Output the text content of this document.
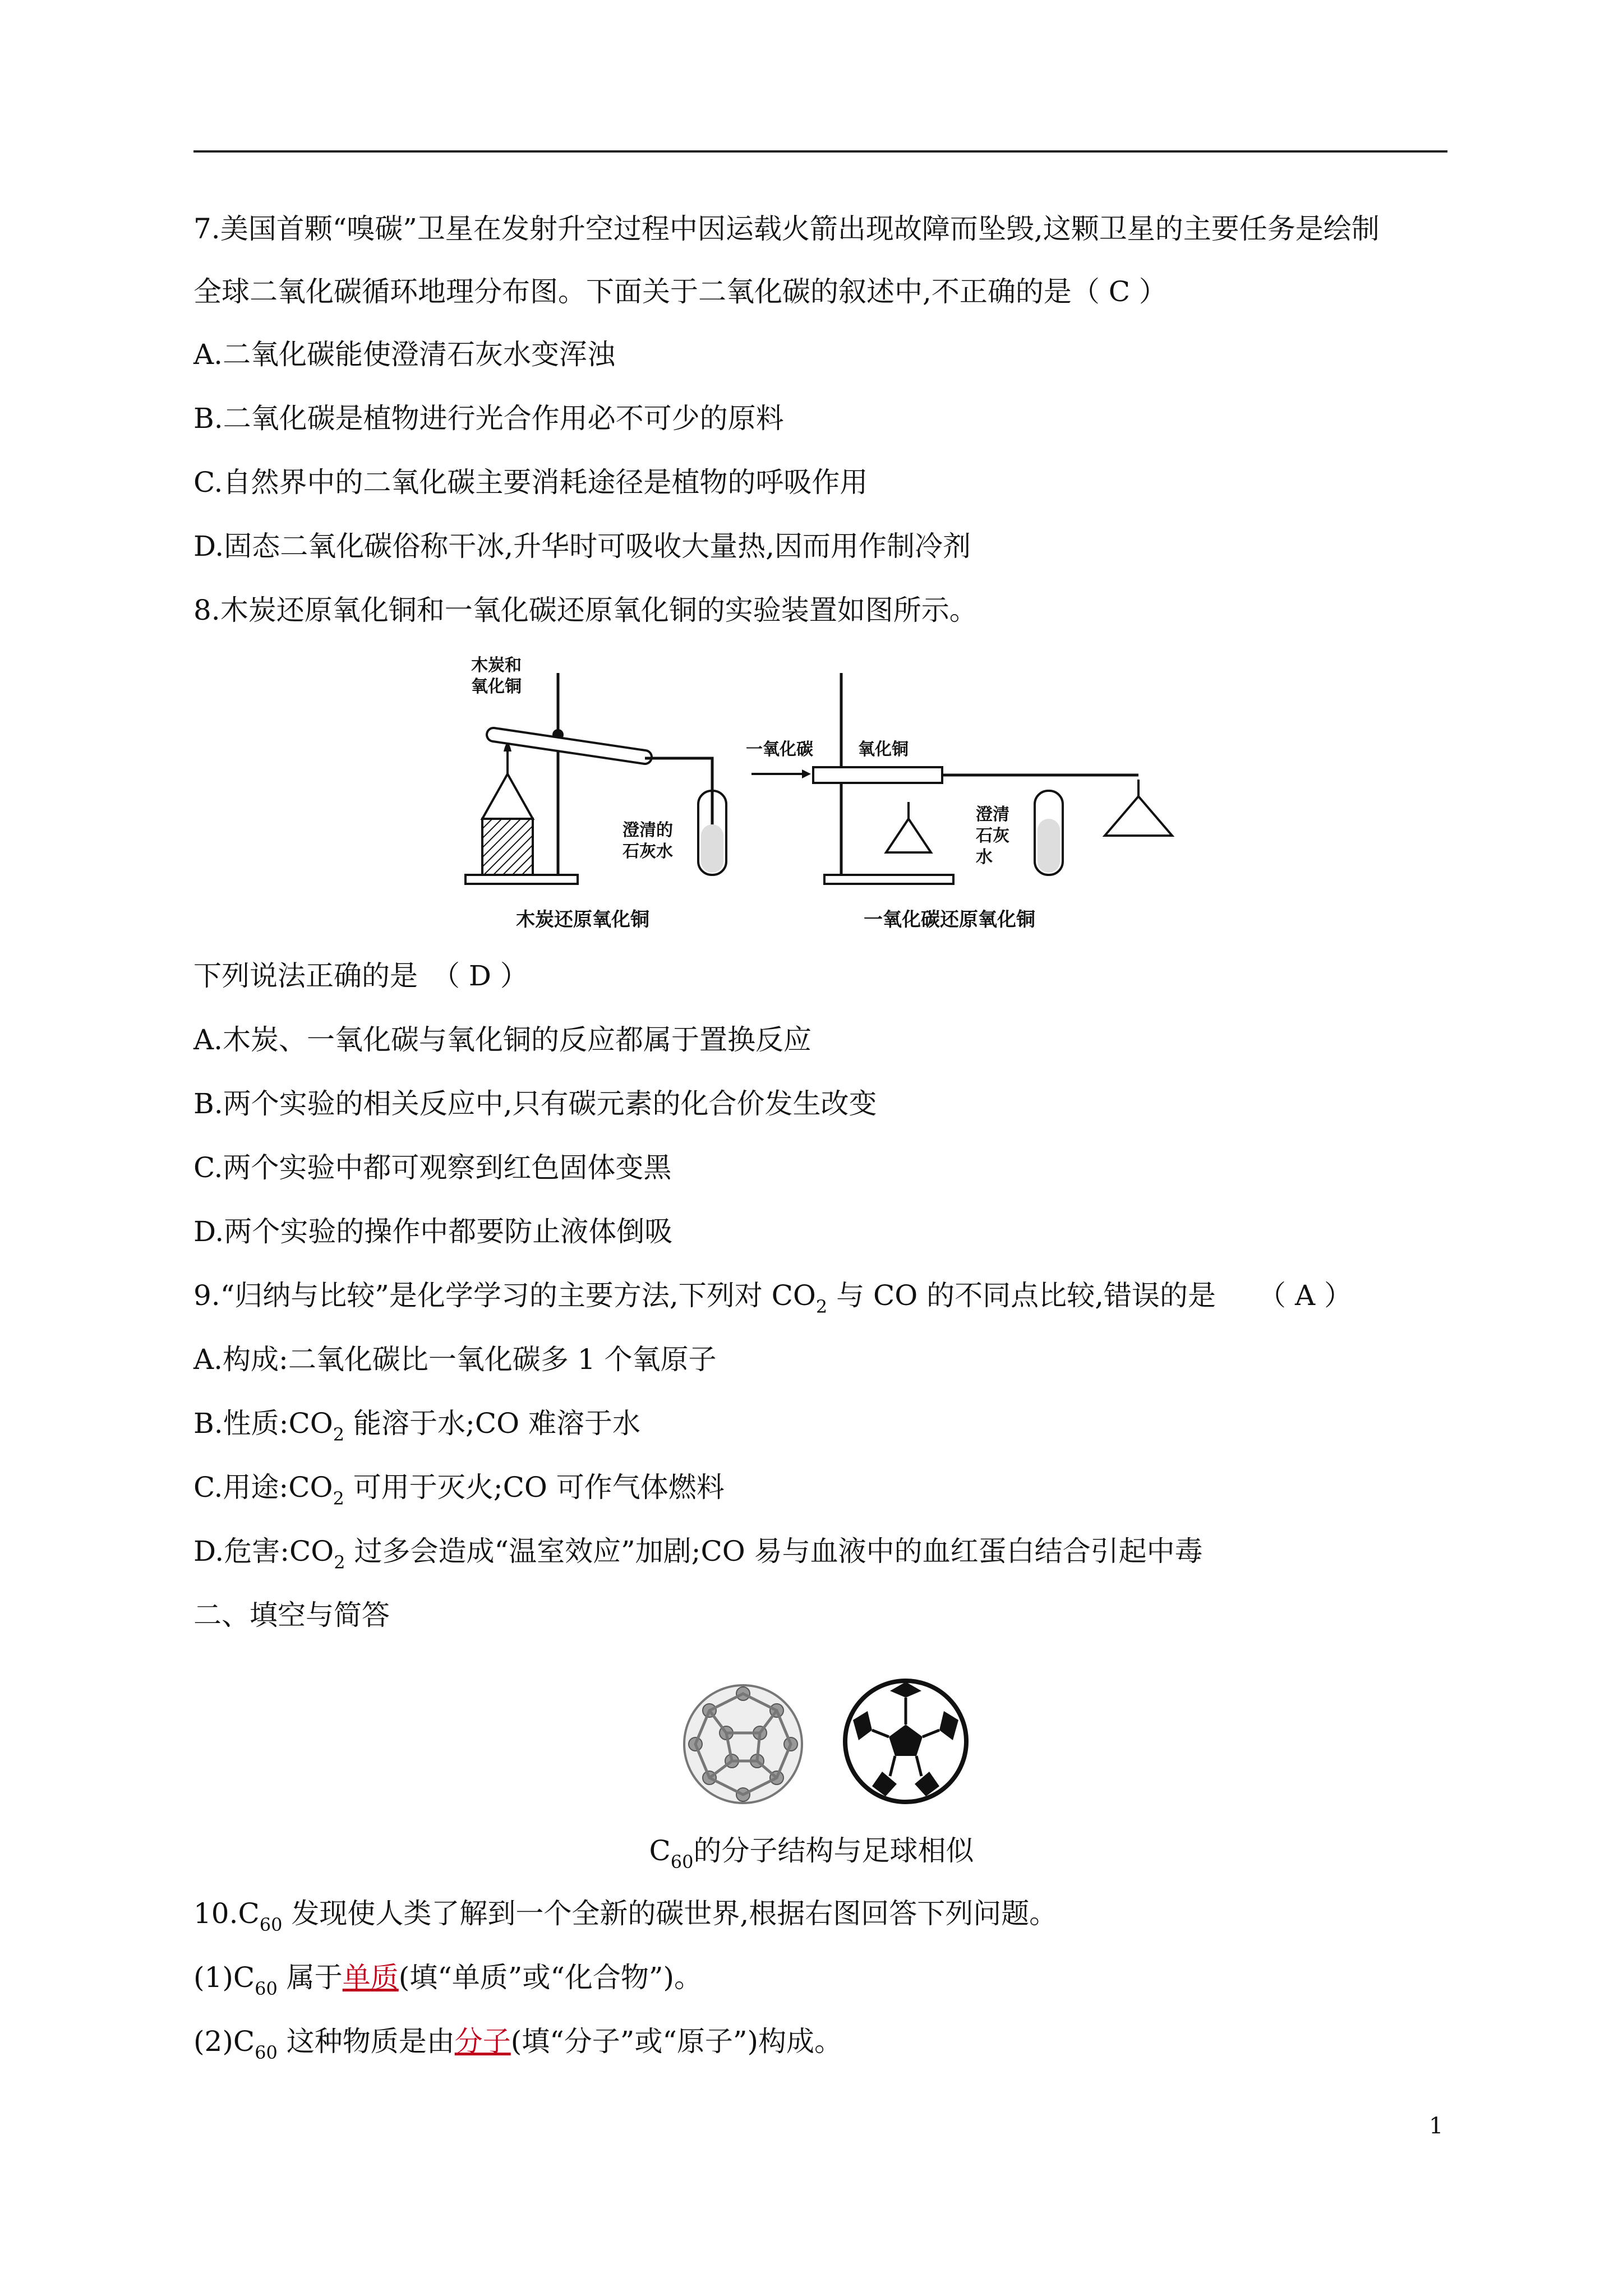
7.美国首颗“嗅碳”卫星在发射升空过程中因运载火箭出现故障而坠毁,这颗卫星的主要任务是绘制
全球二氧化碳循环地理分布图。下面关于二氧化碳的叙述中,不正确的是（ C ）
A.二氧化碳能使澄清石灰水变浑浊
B.二氧化碳是植物进行光合作用必不可少的原料
C.自然界中的二氧化碳主要消耗途径是植物的呼吸作用
D.固态二氧化碳俗称干冰,升华时可吸收大量热,因而用作制冷剂
8.木炭还原氧化铜和一氧化碳还原氧化铜的实验装置如图所示。
木炭和
氧化铜
澄清的
石灰水
木炭还原氧化铜
一氧化碳	氧化铜
澄清
石灰
水
一氧化碳还原氧化铜
下列说法正确的是　（ D ）
A.木炭、一氧化碳与氧化铜的反应都属于置换反应
B.两个实验的相关反应中,只有碳元素的化合价发生改变
C.两个实验中都可观察到红色固体变黑
D.两个实验的操作中都要防止液体倒吸
9.“归纳与比较”是化学学习的主要方法,下列对 $CO_2$ 与 CO 的不同点比较,错误的是　　（ A ）
A.构成:二氧化碳比一氧化碳多 1 个氧原子
B.性质$:CO_2$ 能溶于水;CO 难溶于水
C.用途$:CO_2$ 可用于灭火;CO 可作气体燃料
D.危害$:CO_2$ 过多会造成“温室效应”加剧;CO 易与血液中的血红蛋白结合引起中毒
二、填空与简答
$C_{60}$的分子结构与足球相似
$10.C_{60}$ 发现使人类了解到一个全新的碳世界,根据右图回答下列问题。
$(1)C_{60}$ 属于单质(填“单质”或“化合物”)。
$(2)C_{60}$ 这种物质是由分子(填“分子”或“原子”)构成。
1
